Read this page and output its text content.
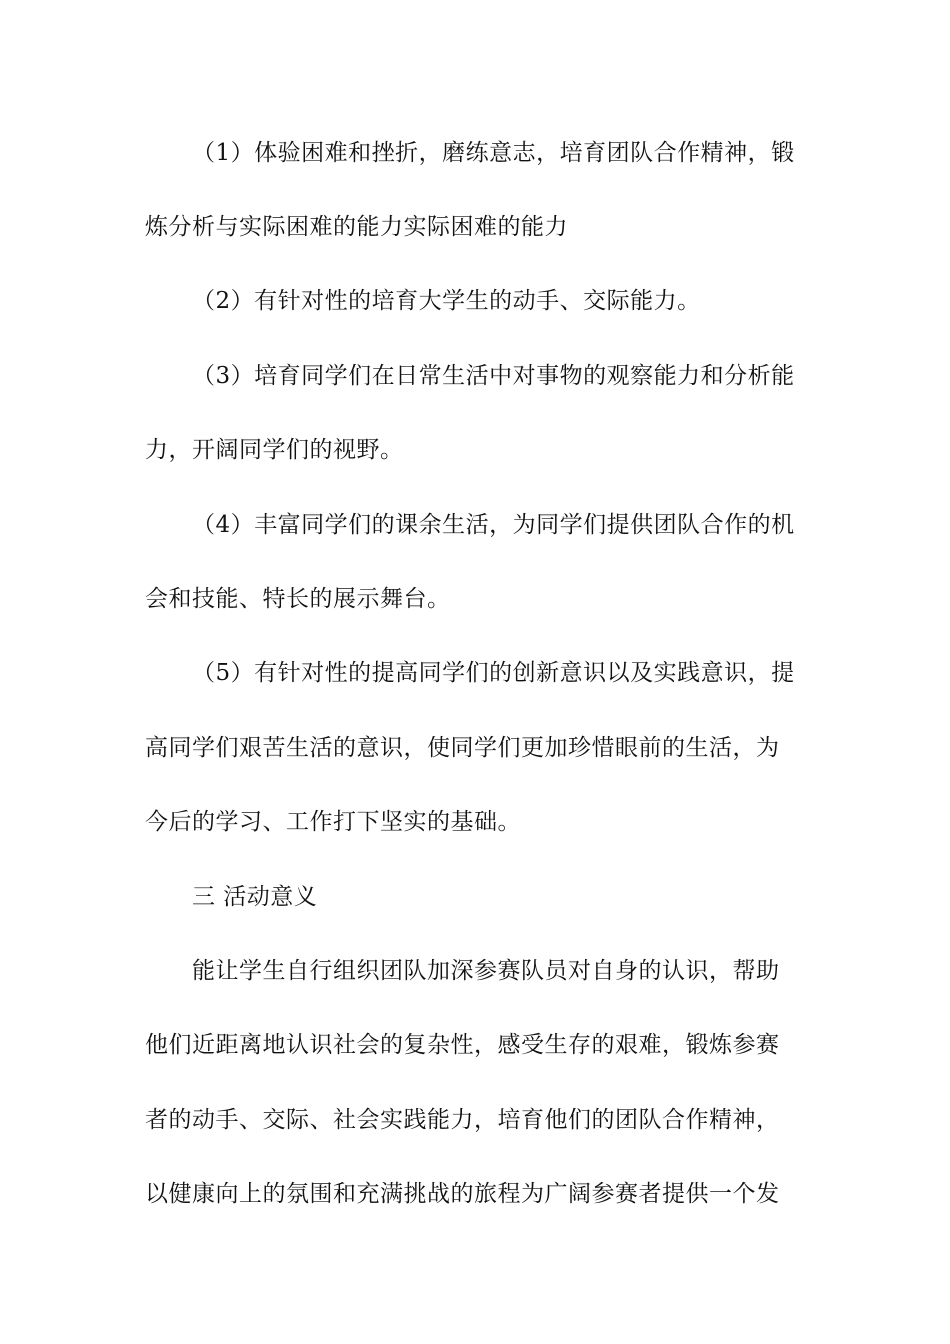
（1）体验困难和挫折，磨练意志，培育团队合作精神，锻
炼分析与实际困难的能力实际困难的能力
（2）有针对性的培育大学生的动手、交际能力。
（3）培育同学们在日常生活中对事物的观察能力和分析能
力，开阔同学们的视野。
（4）丰富同学们的课余生活，为同学们提供团队合作的机
会和技能、特长的展示舞台。
（5）有针对性的提高同学们的创新意识以及实践意识，提
高同学们艰苦生活的意识，使同学们更加珍惜眼前的生活，为
今后的学习、工作打下坚实的基础。
三 活动意义
能让学生自行组织团队加深参赛队员对自身的认识，帮助
他们近距离地认识社会的复杂性，感受生存的艰难，锻炼参赛
者的动手、交际、社会实践能力，培育他们的团队合作精神，
以健康向上的氛围和充满挑战的旅程为广阔参赛者提供一个发
